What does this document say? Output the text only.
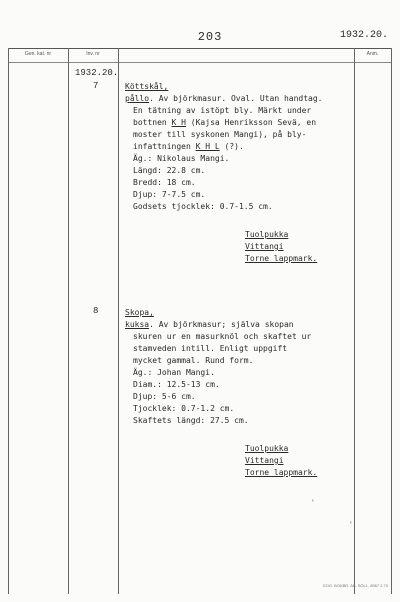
203	1932.20.
Gen. kat. nr	Inv. nr	Anm.
1932.20.
7	Köttskål,
pållo. Av björkmasur. Oval. Utan handtag.
En tätning av istöpt bly. Märkt under
bottnen K H (Kajsa Henriksson Sevä, en
moster till syskonen Mangi), på bly-
infattningen K H L (?).
Äg.: Nikolaus Mangi.
Längd: 22.8 cm.
Bredd: 18 cm.
Djup: 7-7.5 cm.
Godsets tjocklek: 0.7-1.5 cm.
Tuolpukka
Vittangi
Torne lappmark.
8	Skopa,
kuksa. Av björkmasur; själva skopan
skuren ur en masurknöl och skaftet ur
stamveden intill. Enligt uppgift
mycket gammal. Rund form.
Äg.: Johan Mangi.
Diam.: 12.5-13 cm.
Djup: 5-6 cm.
Tjocklek: 0.7-1.2 cm.
Skaftets längd: 27.5 cm.
Tuolpukka
Vittangi
Torne lappmark.
'
'
GOG. BOKBR. AB. SÖLL. 8967 2.70
